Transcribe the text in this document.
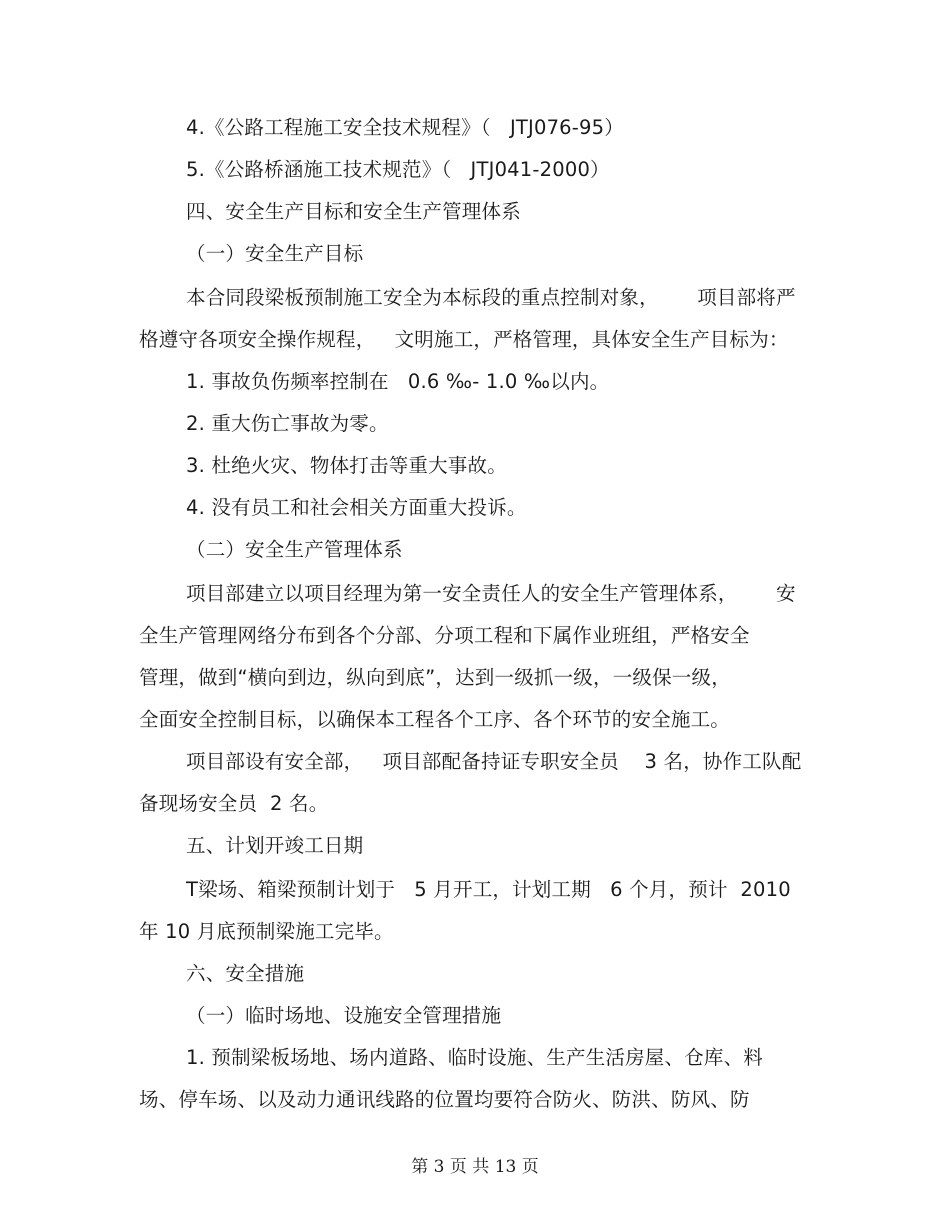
4.《公路工程施工安全技术规程》（   JTJ076-95）
5.《公路桥涵施工技术规范》（   JTJ041-2000）
四、安全生产目标和安全生产管理体系
（一）安全生产目标
本合同段梁板预制施工安全为本标段的重点控制对象，      项目部将严
格遵守各项安全操作规程，   文明施工，严格管理，具体安全生产目标为：
1. 事故负伤频率控制在   0.6 ‰- 1.0 ‰以内。
2. 重大伤亡事故为零。
3. 杜绝火灾、物体打击等重大事故。
4. 没有员工和社会相关方面重大投诉。
（二）安全生产管理体系
项目部建立以项目经理为第一安全责任人的安全生产管理体系，      安
全生产管理网络分布到各个分部、分项工程和下属作业班组，严格安全
管理，做到“横向到边，纵向到底”，达到一级抓一级，一级保一级，
全面安全控制目标，以确保本工程各个工序、各个环节的安全施工。
项目部设有安全部，   项目部配备持证专职安全员    3 名，协作工队配
备现场安全员  2 名。
五、计划开竣工日期
T梁场、箱梁预制计划于   5 月开工，计划工期   6 个月，预计  2010
年 10 月底预制梁施工完毕。
六、安全措施
（一）临时场地、设施安全管理措施
1. 预制梁板场地、场内道路、临时设施、生产生活房屋、仓库、料
场、停车场、以及动力通讯线路的位置均要符合防火、防洪、防风、防
第 3 页 共 13 页
